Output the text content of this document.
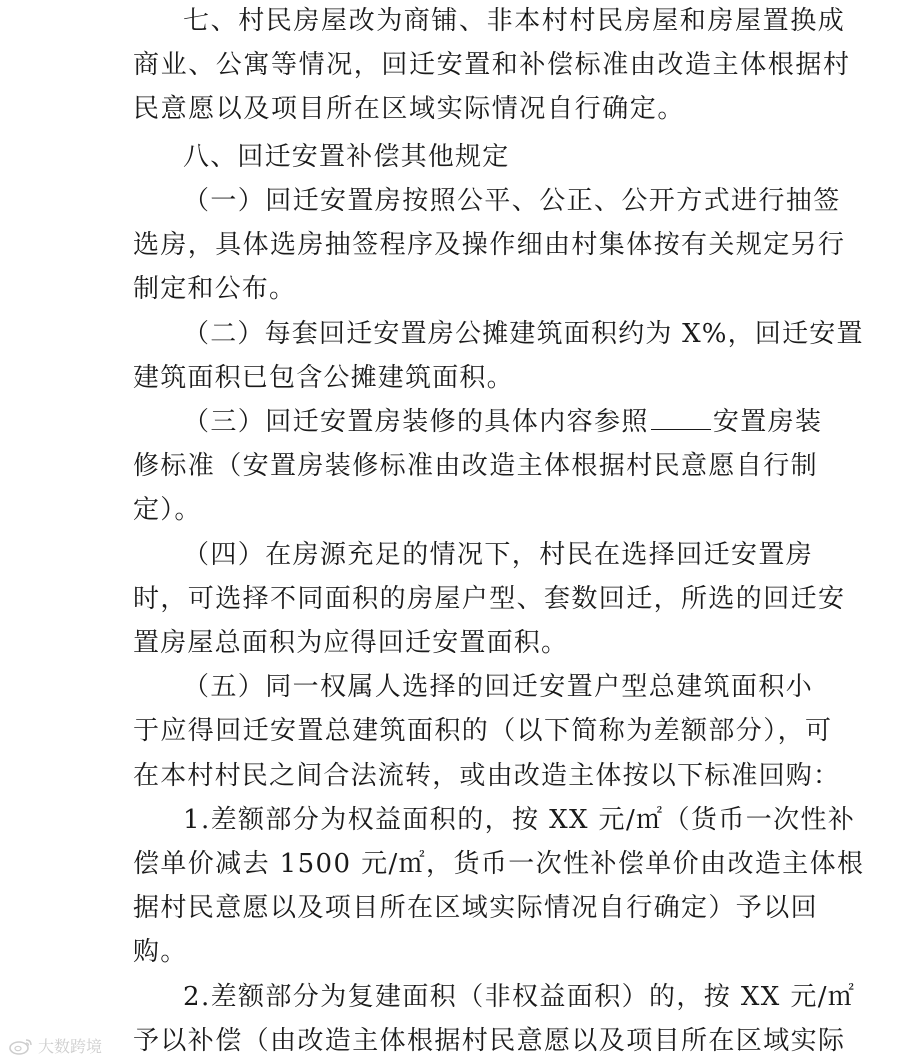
七、村民房屋改为商铺、非本村村民房屋和房屋置换成
商业、公寓等情况，回迁安置和补偿标准由改造主体根据村
民意愿以及项目所在区域实际情况自行确定。
八、回迁安置补偿其他规定
（一）回迁安置房按照公平、公正、公开方式进行抽签
选房，具体选房抽签程序及操作细由村集体按有关规定另行
制定和公布。
（二）每套回迁安置房公摊建筑面积约为 X%，回迁安置
建筑面积已包含公摊建筑面积。
（三）回迁安置房装修的具体内容参照 安置房装
修标准（安置房装修标准由改造主体根据村民意愿自行制
定）。
（四）在房源充足的情况下，村民在选择回迁安置房
时，可选择不同面积的房屋户型、套数回迁，所选的回迁安
置房屋总面积为应得回迁安置面积。
（五）同一权属人选择的回迁安置户型总建筑面积小
于应得回迁安置总建筑面积的（以下简称为差额部分），可
在本村村民之间合法流转，或由改造主体按以下标准回购：
1.差额部分为权益面积的，按 XX 元/㎡（货币一次性补
偿单价减去 1500 元/㎡，货币一次性补偿单价由改造主体根
据村民意愿以及项目所在区域实际情况自行确定）予以回
购。
2.差额部分为复建面积（非权益面积）的，按 XX 元/㎡
予以补偿（由改造主体根据村民意愿以及项目所在区域实际
大数跨境
